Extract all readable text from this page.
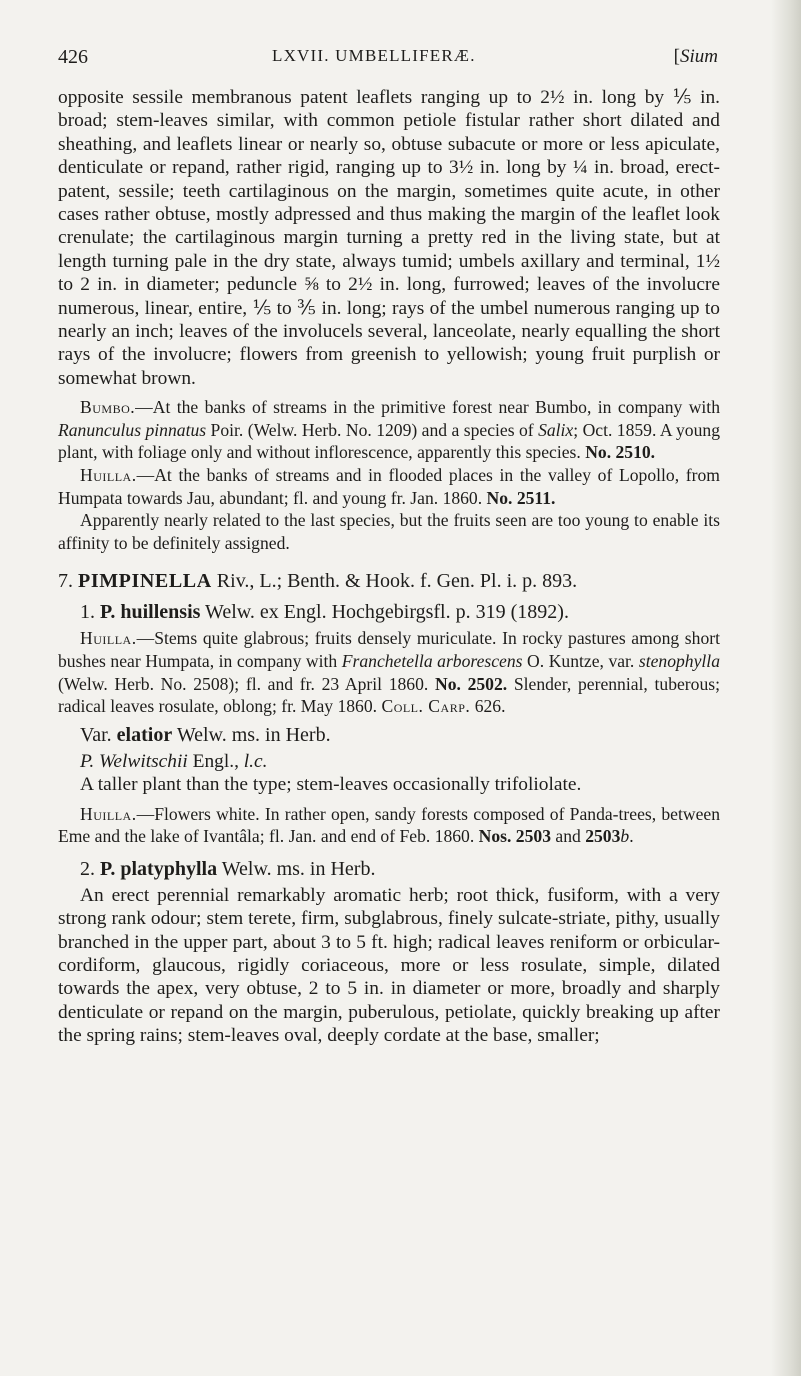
426	LXVII. UMBELLIFERÆ.	[Sium

opposite sessile membranous patent leaflets ranging up to 2½ in. long by ⅕ in. broad; stem-leaves similar, with common petiole fistular rather short dilated and sheathing, and leaflets linear or nearly so, obtuse subacute or more or less apiculate, denticulate or repand, rather rigid, ranging up to 3½ in. long by ¼ in. broad, erect-patent, sessile; teeth cartilaginous on the margin, sometimes quite acute, in other cases rather obtuse, mostly adpressed and thus making the margin of the leaflet look crenulate; the cartilaginous margin turning a pretty red in the living state, but at length turning pale in the dry state, always tumid; umbels axillary and terminal, 1½ to 2 in. in diameter; peduncle ⅝ to 2½ in. long, furrowed; leaves of the involucre numerous, linear, entire, ⅕ to ⅗ in. long; rays of the umbel numerous ranging up to nearly an inch; leaves of the involucels several, lanceolate, nearly equalling the short rays of the involucre; flowers from greenish to yellowish; young fruit purplish or somewhat brown.

Bumbo.—At the banks of streams in the primitive forest near Bumbo, in company with Ranunculus pinnatus Poir. (Welw. Herb. No. 1209) and a species of Salix; Oct. 1859. A young plant, with foliage only and without inflorescence, apparently this species. No. 2510.

Huilla.—At the banks of streams and in flooded places in the valley of Lopollo, from Humpata towards Jau, abundant; fl. and young fr. Jan. 1860. No. 2511.

Apparently nearly related to the last species, but the fruits seen are too young to enable its affinity to be definitely assigned.

7. PIMPINELLA Riv., L.; Benth. & Hook. f. Gen. Pl. i. p. 893.

1. P. huillensis Welw. ex Engl. Hochgebirgsfl. p. 319 (1892).

Huilla.—Stems quite glabrous; fruits densely muriculate. In rocky pastures among short bushes near Humpata, in company with Franchetella arborescens O. Kuntze, var. stenophylla (Welw. Herb. No. 2508); fl. and fr. 23 April 1860. No. 2502. Slender, perennial, tuberous; radical leaves rosulate, oblong; fr. May 1860. Coll. Carp. 626.

Var. elatior Welw. ms. in Herb.

P. Welwitschii Engl., l.c.

A taller plant than the type; stem-leaves occasionally trifoliolate.

Huilla.—Flowers white. In rather open, sandy forests composed of Panda-trees, between Eme and the lake of Ivantâla; fl. Jan. and end of Feb. 1860. Nos. 2503 and 2503b.

2. P. platyphylla Welw. ms. in Herb.

An erect perennial remarkably aromatic herb; root thick, fusiform, with a very strong rank odour; stem terete, firm, subglabrous, finely sulcate-striate, pithy, usually branched in the upper part, about 3 to 5 ft. high; radical leaves reniform or orbicular-cordiform, glaucous, rigidly coriaceous, more or less rosulate, simple, dilated towards the apex, very obtuse, 2 to 5 in. in diameter or more, broadly and sharply denticulate or repand on the margin, puberulous, petiolate, quickly breaking up after the spring rains; stem-leaves oval, deeply cordate at the base, smaller;
